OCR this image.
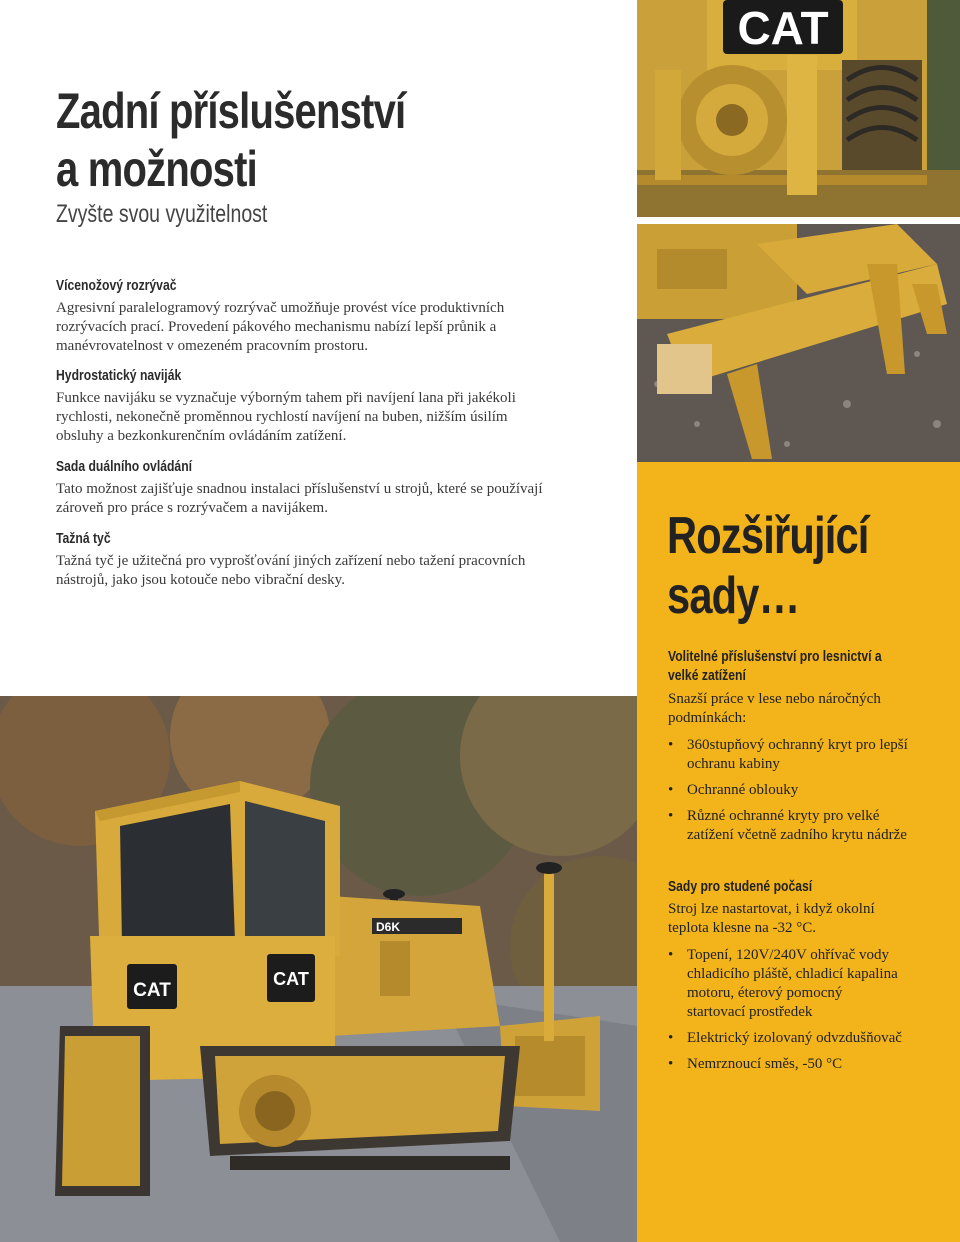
Zadní příslušenství
a možnosti
Zvyšte svou využitelnost
Vícenožový rozrývač

Agresivní paralelogramový rozrývač umožňuje provést více produktivních rozrývacích prací. Provedení pákového mechanismu nabízí lepší průnik a manévrovatelnost v omezeném pracovním prostoru.

Hydrostatický naviják

Funkce navijáku se vyznačuje výborným tahem při navíjení lana při jakékoli rychlosti, nekonečně proměnnou rychlostí navíjení na buben, nižším úsilím obsluhy a bezkonkurenčním ovládáním zatížení.

Sada duálního ovládání

Tato možnost zajišťuje snadnou instalaci příslušenství u strojů, které se používají zároveň pro práce s rozrývačem a navijákem.

Tažná tyč

Tažná tyč je užitečná pro vyprošťování jiných zařízení nebo tažení pracovních nástrojů, jako jsou kotouče nebo vibrační desky.

CAT
D6K
CAT
CAT
Rozšiřující
sady…
Volitelné příslušenství pro lesnictví a velké zatížení
Snazší práce v lese nebo náročných podmínkách:
• 360stupňový ochranný kryt pro lepší ochranu kabiny
• Ochranné oblouky
• Různé ochranné kryty pro velké zatížení včetně zadního krytu nádrže
Sady pro studené počasí
Stroj lze nastartovat, i když okolní teplota klesne na -32 °C.
• Topení, 120V/240V ohřívač vody chladicího pláště, chladicí kapalina motoru, éterový pomocný startovací prostředek
• Elektrický izolovaný odvzdušňovač
• Nemrznoucí směs, -50 °C
